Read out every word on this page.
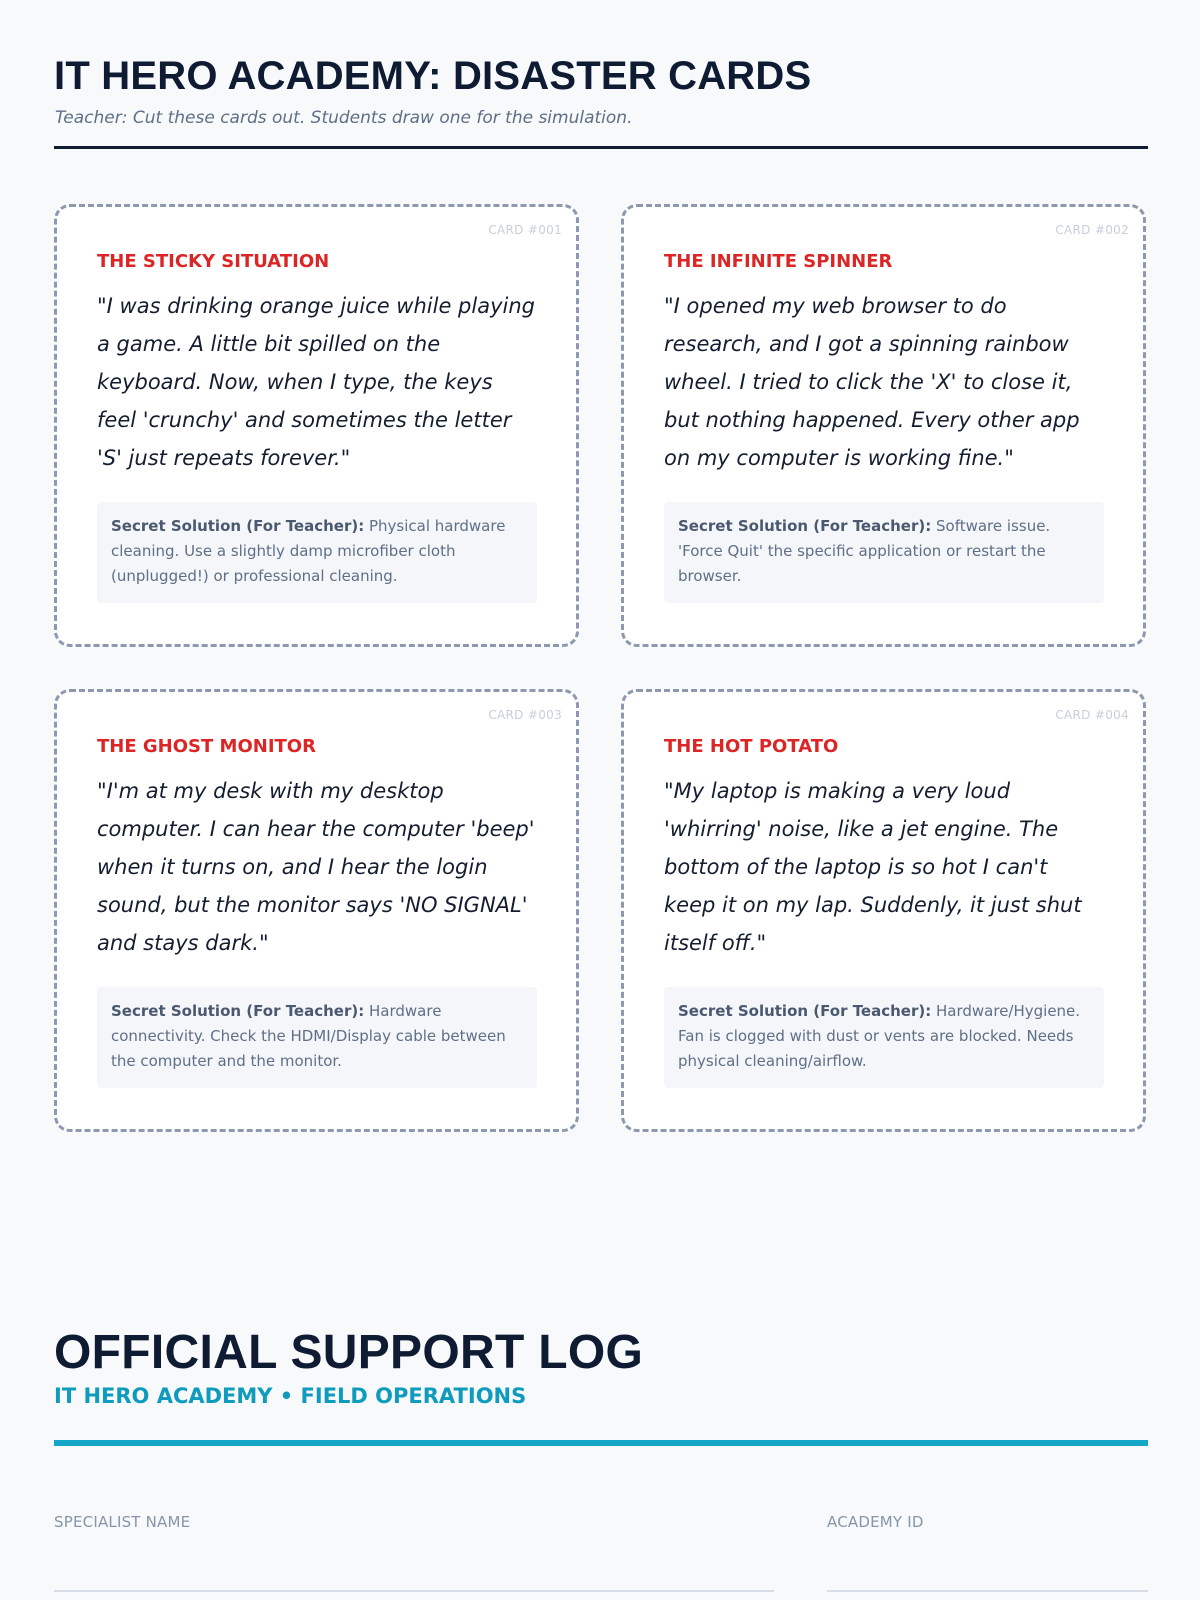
IT HERO ACADEMY: DISASTER CARDS
Teacher: Cut these cards out. Students draw one for the simulation.
CARD #001
THE STICKY SITUATION
"I was drinking orange juice while playing a game. A little bit spilled on the keyboard. Now, when I type, the keys feel 'crunchy' and sometimes the letter 'S' just repeats forever."
Secret Solution (For Teacher): Physical hardware cleaning. Use a slightly damp microfiber cloth (unplugged!) or professional cleaning.
CARD #002
THE INFINITE SPINNER
"I opened my web browser to do research, and I got a spinning rainbow wheel. I tried to click the 'X' to close it, but nothing happened. Every other app on my computer is working fine."
Secret Solution (For Teacher): Software issue. 'Force Quit' the specific application or restart the browser.
CARD #003
THE GHOST MONITOR
"I'm at my desk with my desktop computer. I can hear the computer 'beep' when it turns on, and I hear the login sound, but the monitor says 'NO SIGNAL' and stays dark."
Secret Solution (For Teacher): Hardware connectivity. Check the HDMI/Display cable between the computer and the monitor.
CARD #004
THE HOT POTATO
"My laptop is making a very loud 'whirring' noise, like a jet engine. The bottom of the laptop is so hot I can't keep it on my lap. Suddenly, it just shut itself off."
Secret Solution (For Teacher): Hardware/Hygiene. Fan is clogged with dust or vents are blocked. Needs physical cleaning/airflow.
OFFICIAL SUPPORT LOG
IT HERO ACADEMY • FIELD OPERATIONS
SPECIALIST NAME	ACADEMY ID
